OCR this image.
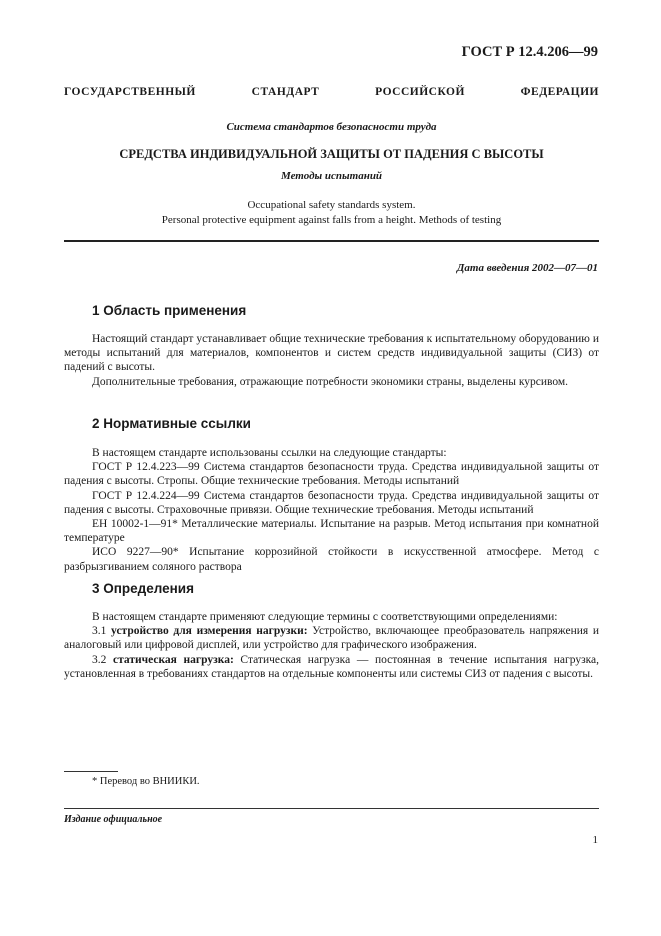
ГОСТ Р 12.4.206—99
ГОСУДАРСТВЕННЫЙ СТАНДАРТ РОССИЙСКОЙ ФЕДЕРАЦИИ
Система стандартов безопасности труда
СРЕДСТВА ИНДИВИДУАЛЬНОЙ ЗАЩИТЫ ОТ ПАДЕНИЯ С ВЫСОТЫ
Методы испытаний
Occupational safety standards system.
Personal protective equipment against falls from a height. Methods of testing
Дата введения 2002—07—01
1 Область применения

Настоящий стандарт устанавливает общие технические требования к испытательному оборудованию и методы испытаний для материалов, компонентов и систем средств индивидуальной защиты (СИЗ) от падений с высоты.

Дополнительные требования, отражающие потребности экономики страны, выделены курсивом.

2 Нормативные ссылки

В настоящем стандарте использованы ссылки на следующие стандарты:

ГОСТ Р 12.4.223—99 Система стандартов безопасности труда. Средства индивидуальной защиты от падения с высоты. Стропы. Общие технические требования. Методы испытаний

ГОСТ Р 12.4.224—99 Система стандартов безопасности труда. Средства индивидуальной защиты от падения с высоты. Страховочные привязи. Общие технические требования. Методы испытаний

ЕН 10002-1—91* Металлические материалы. Испытание на разрыв. Метод испытания при комнатной температуре

ИСО 9227—90* Испытание коррозийной стойкости в искусственной атмосфере. Метод с разбрызгиванием соляного раствора

3 Определения

В настоящем стандарте применяют следующие термины с соответствующими определениями:

3.1 устройство для измерения нагрузки: Устройство, включающее преобразователь напряжения и аналоговый или цифровой дисплей, или устройство для графического изображения.

3.2 статическая нагрузка: Статическая нагрузка — постоянная в течение испытания нагрузка, установленная в требованиях стандартов на отдельные компоненты или системы СИЗ от падения с высоты.

* Перевод во ВНИИКИ.
Издание официальное
1
